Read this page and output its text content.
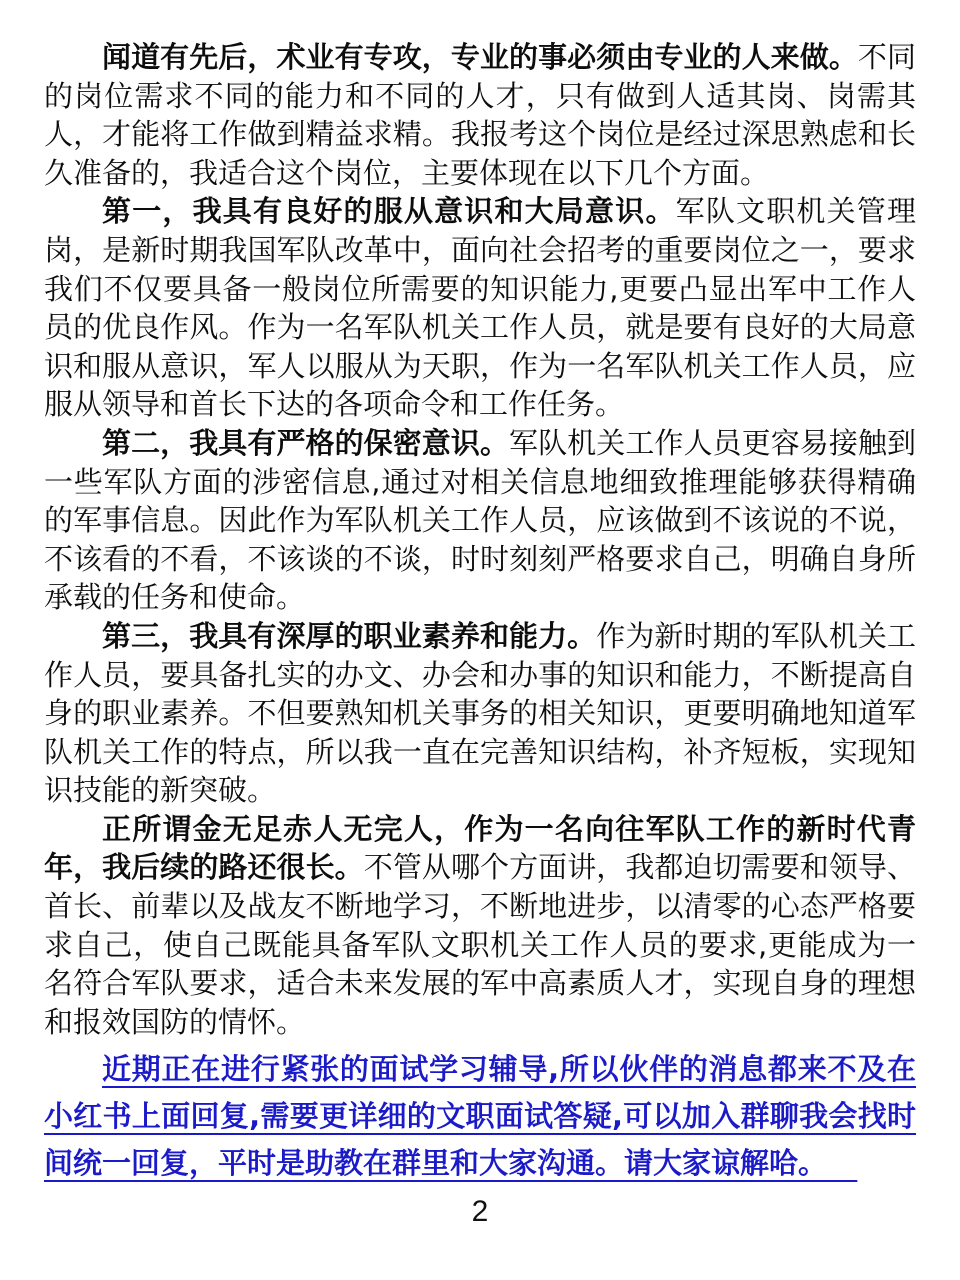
闻道有先后，术业有专攻，专业的事必须由专业的人来做。不同的岗位需求不同的能力和不同的人才，只有做到人适其岗、岗需其人，才能将工作做到精益求精。我报考这个岗位是经过深思熟虑和长久准备的，我适合这个岗位，主要体现在以下几个方面。

第一，我具有良好的服从意识和大局意识。军队文职机关管理岗，是新时期我国军队改革中，面向社会招考的重要岗位之一，要求我们不仅要具备一般岗位所需要的知识能力,更要凸显出军中工作人员的优良作风。作为一名军队机关工作人员，就是要有良好的大局意识和服从意识，军人以服从为天职，作为一名军队机关工作人员，应服从领导和首长下达的各项命令和工作任务。

第二，我具有严格的保密意识。军队机关工作人员更容易接触到一些军队方面的涉密信息,通过对相关信息地细致推理能够获得精确的军事信息。因此作为军队机关工作人员，应该做到不该说的不说，不该看的不看，不该谈的不谈，时时刻刻严格要求自己，明确自身所承载的任务和使命。

第三，我具有深厚的职业素养和能力。作为新时期的军队机关工作人员，要具备扎实的办文、办会和办事的知识和能力，不断提高自身的职业素养。不但要熟知机关事务的相关知识，更要明确地知道军队机关工作的特点，所以我一直在完善知识结构，补齐短板，实现知识技能的新突破。

正所谓金无足赤人无完人，作为一名向往军队工作的新时代青年，我后续的路还很长。不管从哪个方面讲，我都迫切需要和领导、首长、前辈以及战友不断地学习，不断地进步，以清零的心态严格要求自己，使自己既能具备军队文职机关工作人员的要求,更能成为一名符合军队要求，适合未来发展的军中高素质人才，实现自身的理想和报效国防的情怀。

近期正在进行紧张的面试学习辅导,所以伙伴的消息都来不及在小红书上面回复,需要更详细的文职面试答疑,可以加入群聊我会找时间统一回复，平时是助教在群里和大家沟通。请大家谅解哈。

2
